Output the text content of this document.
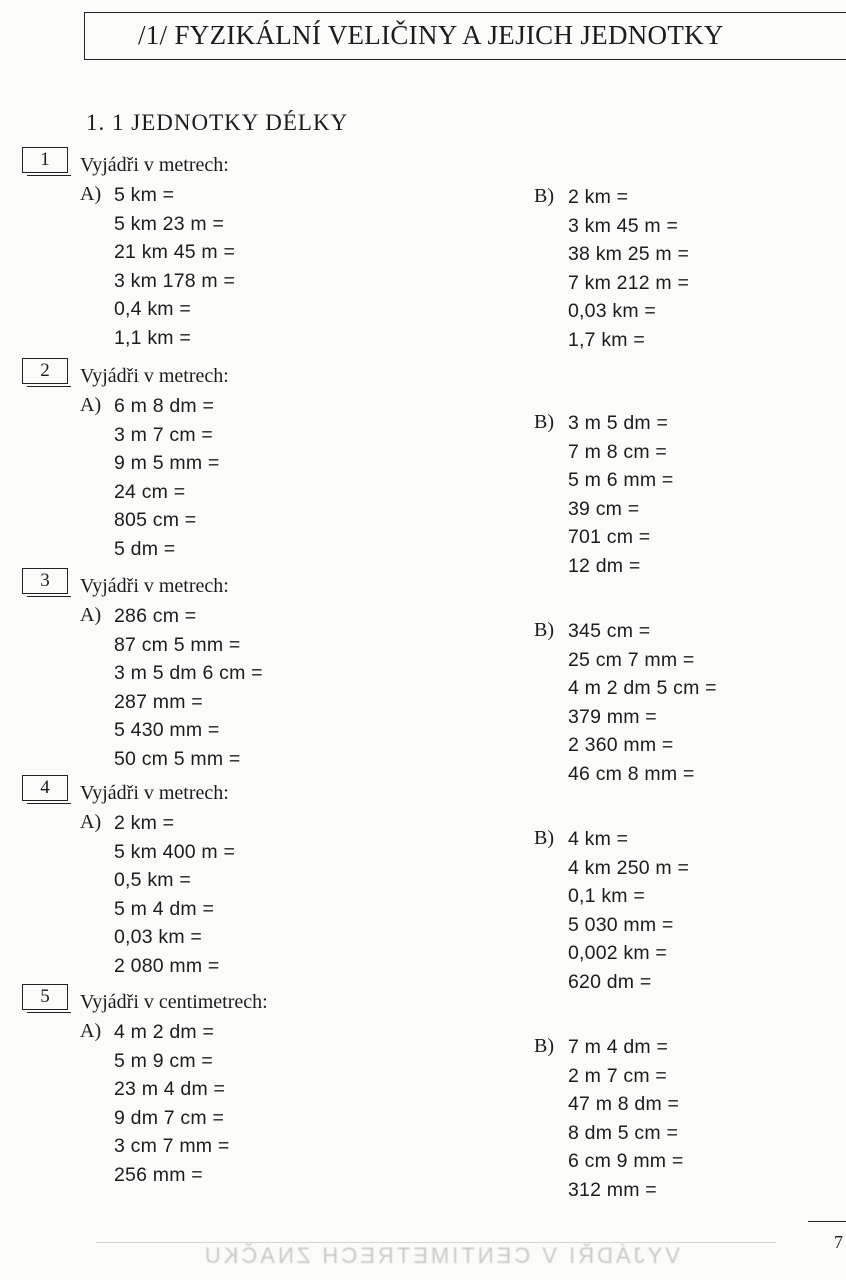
/1/ FYZIKÁLNÍ VELIČINY A JEJICH JEDNOTKY
1. 1 JEDNOTKY DÉLKY
1	Vyjádři v metrech:
A) 5 km =
5 km 23 m =
21 km 45 m =
3 km 178 m =
0,4 km =
1,1 km =
B) 2 km =
3 km 45 m =
38 km 25 m =
7 km 212 m =
0,03 km =
1,7 km =
2	Vyjádři v metrech:
A) 6 m 8 dm =
3 m 7 cm =
9 m 5 mm =
24 cm =
805 cm =
5 dm =
B) 3 m 5 dm =
7 m 8 cm =
5 m 6 mm =
39 cm =
701 cm =
12 dm =
3	Vyjádři v metrech:
A) 286 cm =
87 cm 5 mm =
3 m 5 dm 6 cm =
287 mm =
5 430 mm =
50 cm 5 mm =
B) 345 cm =
25 cm 7 mm =
4 m 2 dm 5 cm =
379 mm =
2 360 mm =
46 cm 8 mm =
4	Vyjádři v metrech:
A) 2 km =
5 km 400 m =
0,5 km =
5 m 4 dm =
0,03 km =
2 080 mm =
B) 4 km =
4 km 250 m =
0,1 km =
5 030 mm =
0,002 km =
620 dm =
5	Vyjádři v centimetrech:
A) 4 m 2 dm =
5 m 9 cm =
23 m 4 dm =
9 dm 7 cm =
3 cm 7 mm =
256 mm =
B) 7 m 4 dm =
2 m 7 cm =
47 m 8 dm =
8 dm 5 cm =
6 cm 9 mm =
312 mm =
7
VYJÁDŘI V CENTIMETRECH ZNAČKU
